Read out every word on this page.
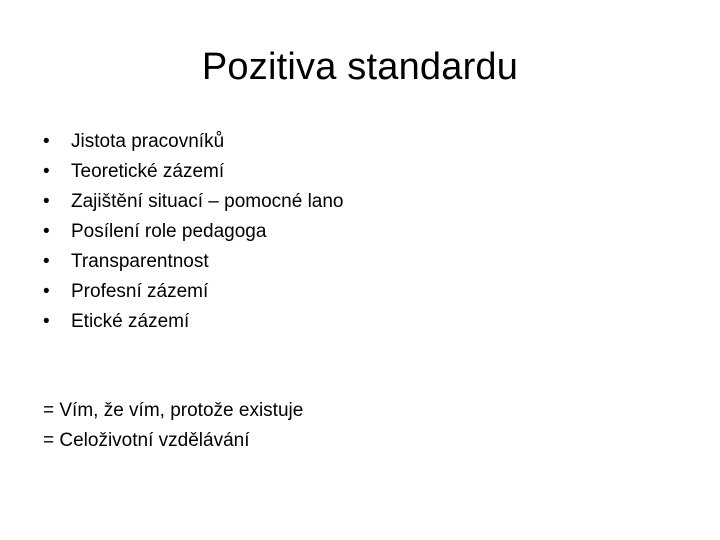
Pozitiva standardu
•	Jistota pracovníků
•	Teoretické zázemí
•	Zajištění situací – pomocné lano
•	Posílení role pedagoga
•	Transparentnost
•	Profesní zázemí
•	Etické zázemí
= Vím, že vím, protože existuje
= Celoživotní vzdělávání
